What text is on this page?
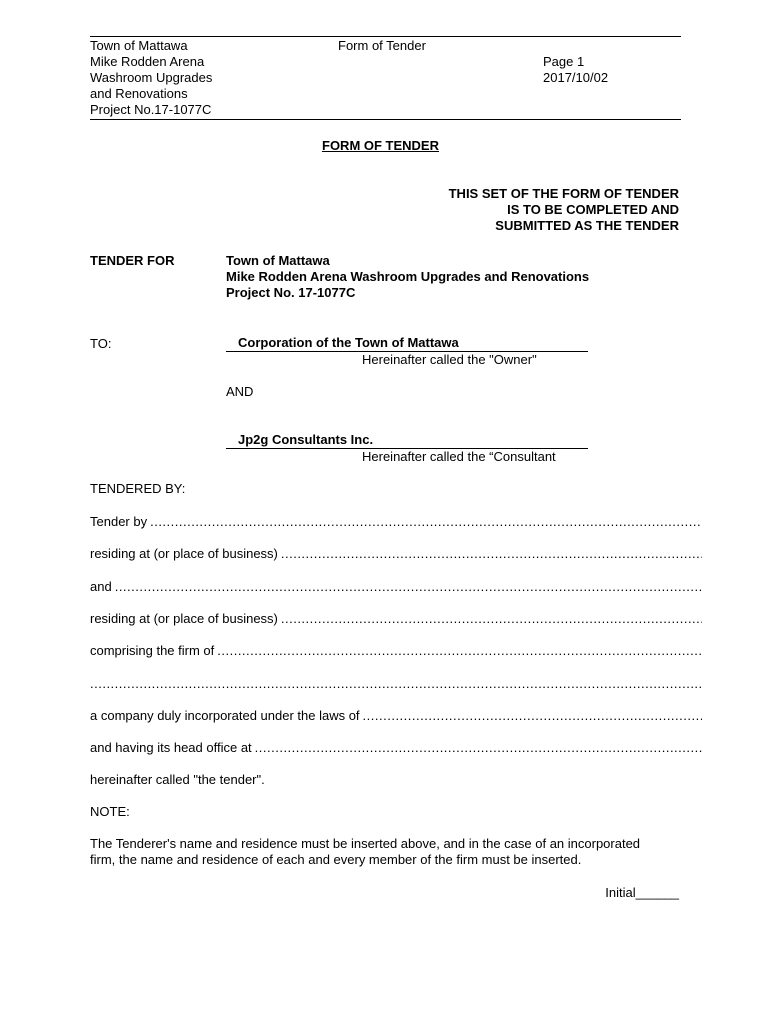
Town of Mattawa
Mike Rodden Arena
Washroom Upgrades
and Renovations
Project No.17-1077C
Form of Tender
Page 1
2017/10/02
FORM OF TENDER
THIS SET OF THE FORM OF TENDER
IS TO BE COMPLETED AND
SUBMITTED AS THE TENDER
TENDER FOR	Town of Mattawa
Mike Rodden Arena Washroom Upgrades and Renovations
Project No. 17-1077C
TO:	Corporation of the Town of Mattawa
Hereinafter called the "Owner"
AND
Jp2g Consultants Inc.
Hereinafter called the “Consultant
TENDERED BY:
Tender by
.....
residing at (or place of business)
.....
and
.....
residing at (or place of business)
.....
comprising the firm of
.....
.....
a company duly incorporated under the laws of
.....
and having its head office at
.....
hereinafter called "the tender".
NOTE:
The Tenderer's name and residence must be inserted above, and in the case of an incorporated
firm, the name and residence of each and every member of the firm must be inserted.
Initial______
